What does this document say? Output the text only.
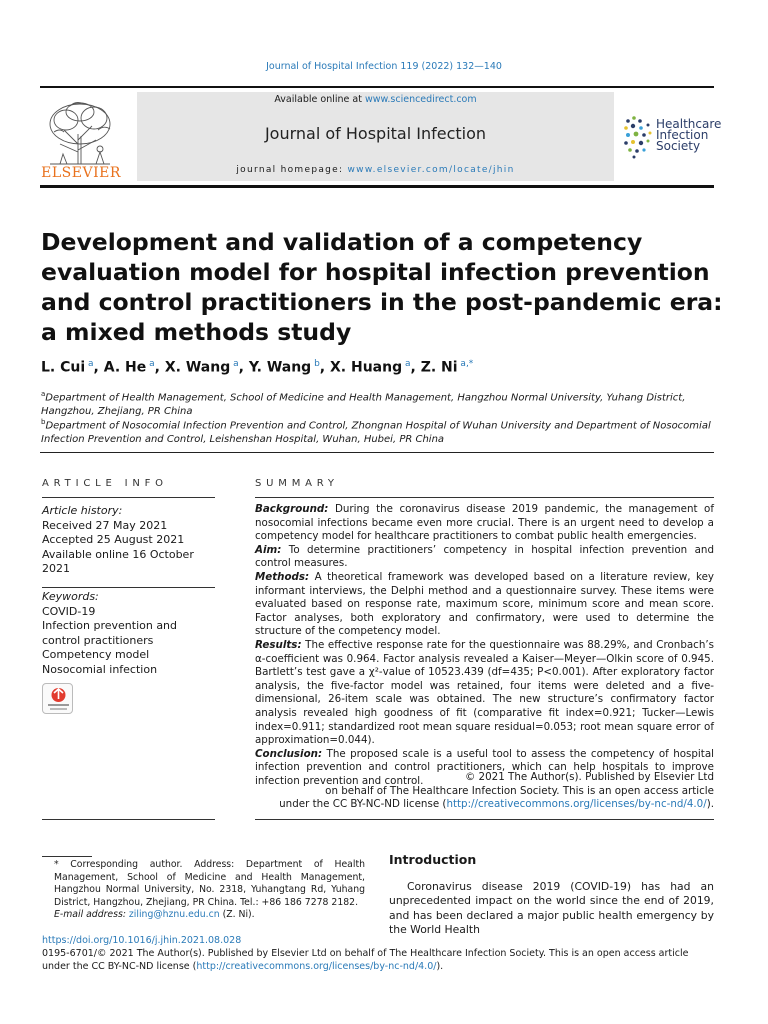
Journal of Hospital Infection 119 (2022) 132—140
ELSEVIER
Available online at www.sciencedirect.com
Journal of Hospital Infection
journal homepage: www.elsevier.com/locate/jhin
Healthcare
Infection
Society
Development and validation of a competency evaluation model for hospital infection prevention and control practitioners in the post-pandemic era: a mixed methods study
L. Cui $^a$, A. He $^a$, X. Wang $^a$, Y. Wang $^b$, X. Huang $^a$, Z. Ni $^{a,*}$
$^a$Department of Health Management, School of Medicine and Health Management, Hangzhou Normal University, Yuhang District, Hangzhou, Zhejiang, PR China
$^b$Department of Nosocomial Infection Prevention and Control, Zhongnan Hospital of Wuhan University and Department of Nosocomial Infection Prevention and Control, Leishenshan Hospital, Wuhan, Hubei, PR China
ARTICLE INFO
Article history:
Received 27 May 2021
Accepted 25 August 2021
Available online 16 October 2021
Keywords:
COVID-19
Infection prevention and control practitioners
Competency model
Nosocomial infection
SUMMARY

Background: During the coronavirus disease 2019 pandemic, the management of nosocomial infections became even more crucial. There is an urgent need to develop a competency model for healthcare practitioners to combat public health emergencies.

Aim: To determine practitioners’ competency in hospital infection prevention and control measures.

Methods: A theoretical framework was developed based on a literature review, key informant interviews, the Delphi method and a questionnaire survey. These items were evaluated based on response rate, maximum score, minimum score and mean score. Factor analyses, both exploratory and confirmatory, were used to determine the structure of the competency model.

Results: The effective response rate for the questionnaire was 88.29%, and Cronbach’s α-coefficient was 0.964. Factor analysis revealed a Kaiser—Meyer—Olkin score of 0.945. Bartlett’s test gave a χ²-value of 10523.439 (df=435; P<0.001). After exploratory factor analysis, the five-factor model was retained, four items were deleted and a five-dimensional, 26-item scale was obtained. The new structure’s confirmatory factor analysis revealed high goodness of fit (comparative fit index=0.921; Tucker—Lewis index=0.911; standardized root mean square residual=0.053; root mean square error of approximation=0.044).

Conclusion: The proposed scale is a useful tool to assess the competency of hospital infection prevention and control practitioners, which can help hospitals to improve infection prevention and control.	© 2021 The Author(s). Published by Elsevier Ltd
on behalf of The Healthcare Infection Society. This is an open access article
under the CC BY-NC-ND license (http://creativecommons.org/licenses/by-nc-nd/4.0/).
* Corresponding author. Address: Department of Health Management, School of Medicine and Health Management, Hangzhou Normal University, No. 2318, Yuhangtang Rd, Yuhang District, Hangzhou, Zhejiang, PR China. Tel.: +86 186 7278 2182.
E-mail address: ziling@hznu.edu.cn (Z. Ni).
Introduction
Coronavirus disease 2019 (COVID-19) has had an unprecedented impact on the world since the end of 2019, and has been declared a major public health emergency by the World Health
https://doi.org/10.1016/j.jhin.2021.08.028
0195-6701/© 2021 The Author(s). Published by Elsevier Ltd on behalf of The Healthcare Infection Society. This is an open access article
under the CC BY-NC-ND license (http://creativecommons.org/licenses/by-nc-nd/4.0/).
